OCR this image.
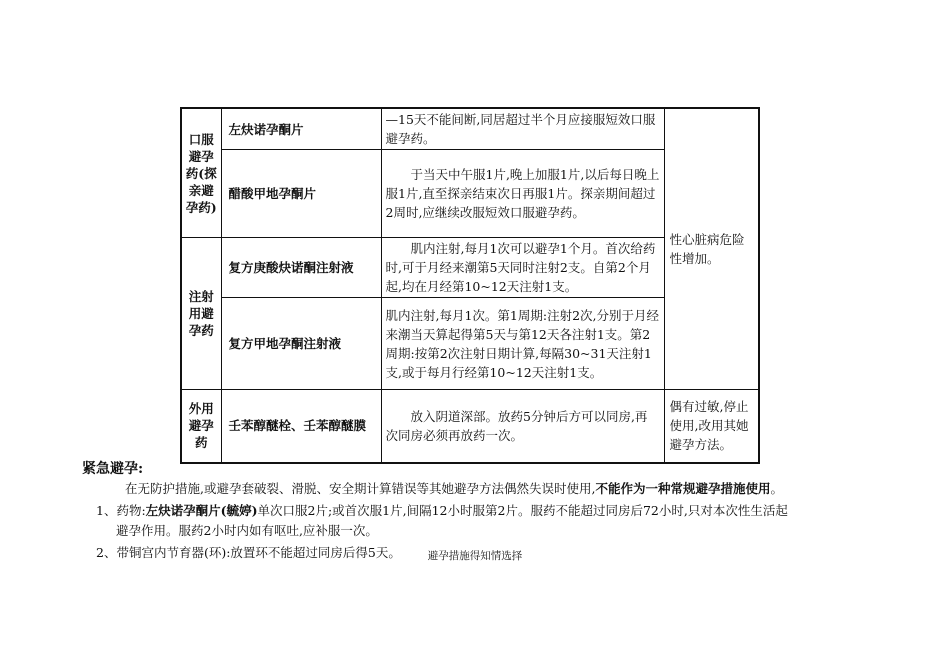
口服避孕药(探亲避孕药)	左炔诺孕酮片	—15天不能间断,同居超过半个月应接服短效口服避孕药。	性心脏病危险性增加。
	醋酸甲地孕酮片	于当天中午服1片,晚上加服1片,以后每日晚上服1片,直至探亲结束次日再服1片。探亲期间超过2周时,应继续改服短效口服避孕药。	
注射用避孕药	复方庚酸炔诺酮注射液	肌内注射,每月1次可以避孕1个月。首次给药时,可于月经来潮第5天同时注射2支。自第2个月起,均在月经第10~12天注射1支。	
	复方甲地孕酮注射液	肌内注射,每月1次。第1周期:注射2次,分别于月经来潮当天算起得第5天与第12天各注射1支。第2周期:按第2次注射日期计算,每隔30~31天注射1支,或于每月行经第10~12天注射1支。	
外用避孕药	壬苯醇醚栓、壬苯醇醚膜	放入阴道深部。放药5分钟后方可以同房,再次同房必须再放药一次。	偶有过敏,停止使用,改用其她避孕方法。
紧急避孕:
在无防护措施,或避孕套破裂、滑脱、安全期计算错误等其她避孕方法偶然失误时使用,不能作为一种常规避孕措施使用。
1、药物:左炔诺孕酮片(毓婷)单次口服2片;或首次服1片,间隔12小时服第2片。服药不能超过同房后72小时,只对本次性生活起
避孕作用。服药2小时内如有呕吐,应补服一次。
2、带铜宫内节育器(环):放置环不能超过同房后得5天。	避孕措施得知情选择
